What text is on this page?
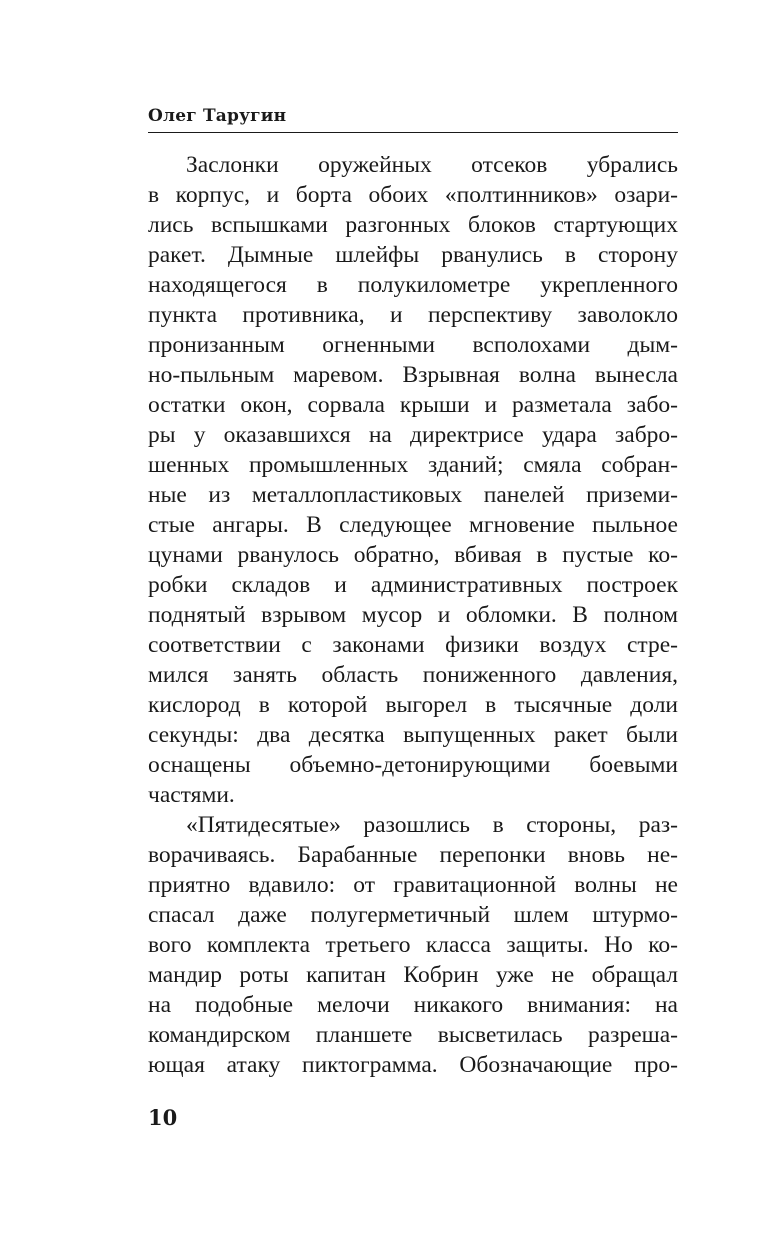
Олег Таругин
Заслонки оружейных отсеков убрались
в корпус, и борта обоих «полтинников» озари-
лись вспышками разгонных блоков стартующих
ракет. Дымные шлейфы рванулись в сторону
находящегося в полукилометре укрепленного
пункта противника, и перспективу заволокло
пронизанным огненными всполохами дым-
но-пыльным маревом. Взрывная волна вынесла
остатки окон, сорвала крыши и разметала забо-
ры у оказавшихся на директрисе удара забро-
шенных промышленных зданий; смяла собран-
ные из металлопластиковых панелей приземи-
стые ангары. В следующее мгновение пыльное
цунами рванулось обратно, вбивая в пустые ко-
робки складов и административных построек
поднятый взрывом мусор и обломки. В полном
соответствии с законами физики воздух стре-
мился занять область пониженного давления,
кислород в которой выгорел в тысячные доли
секунды: два десятка выпущенных ракет были
оснащены объемно-детонирующими боевыми
частями.
«Пятидесятые» разошлись в стороны, раз-
ворачиваясь. Барабанные перепонки вновь не-
приятно вдавило: от гравитационной волны не
спасал даже полугерметичный шлем штурмо-
вого комплекта третьего класса защиты. Но ко-
мандир роты капитан Кобрин уже не обращал
на подобные мелочи никакого внимания: на
командирском планшете высветилась разреша-
ющая атаку пиктограмма. Обозначающие про-
10
